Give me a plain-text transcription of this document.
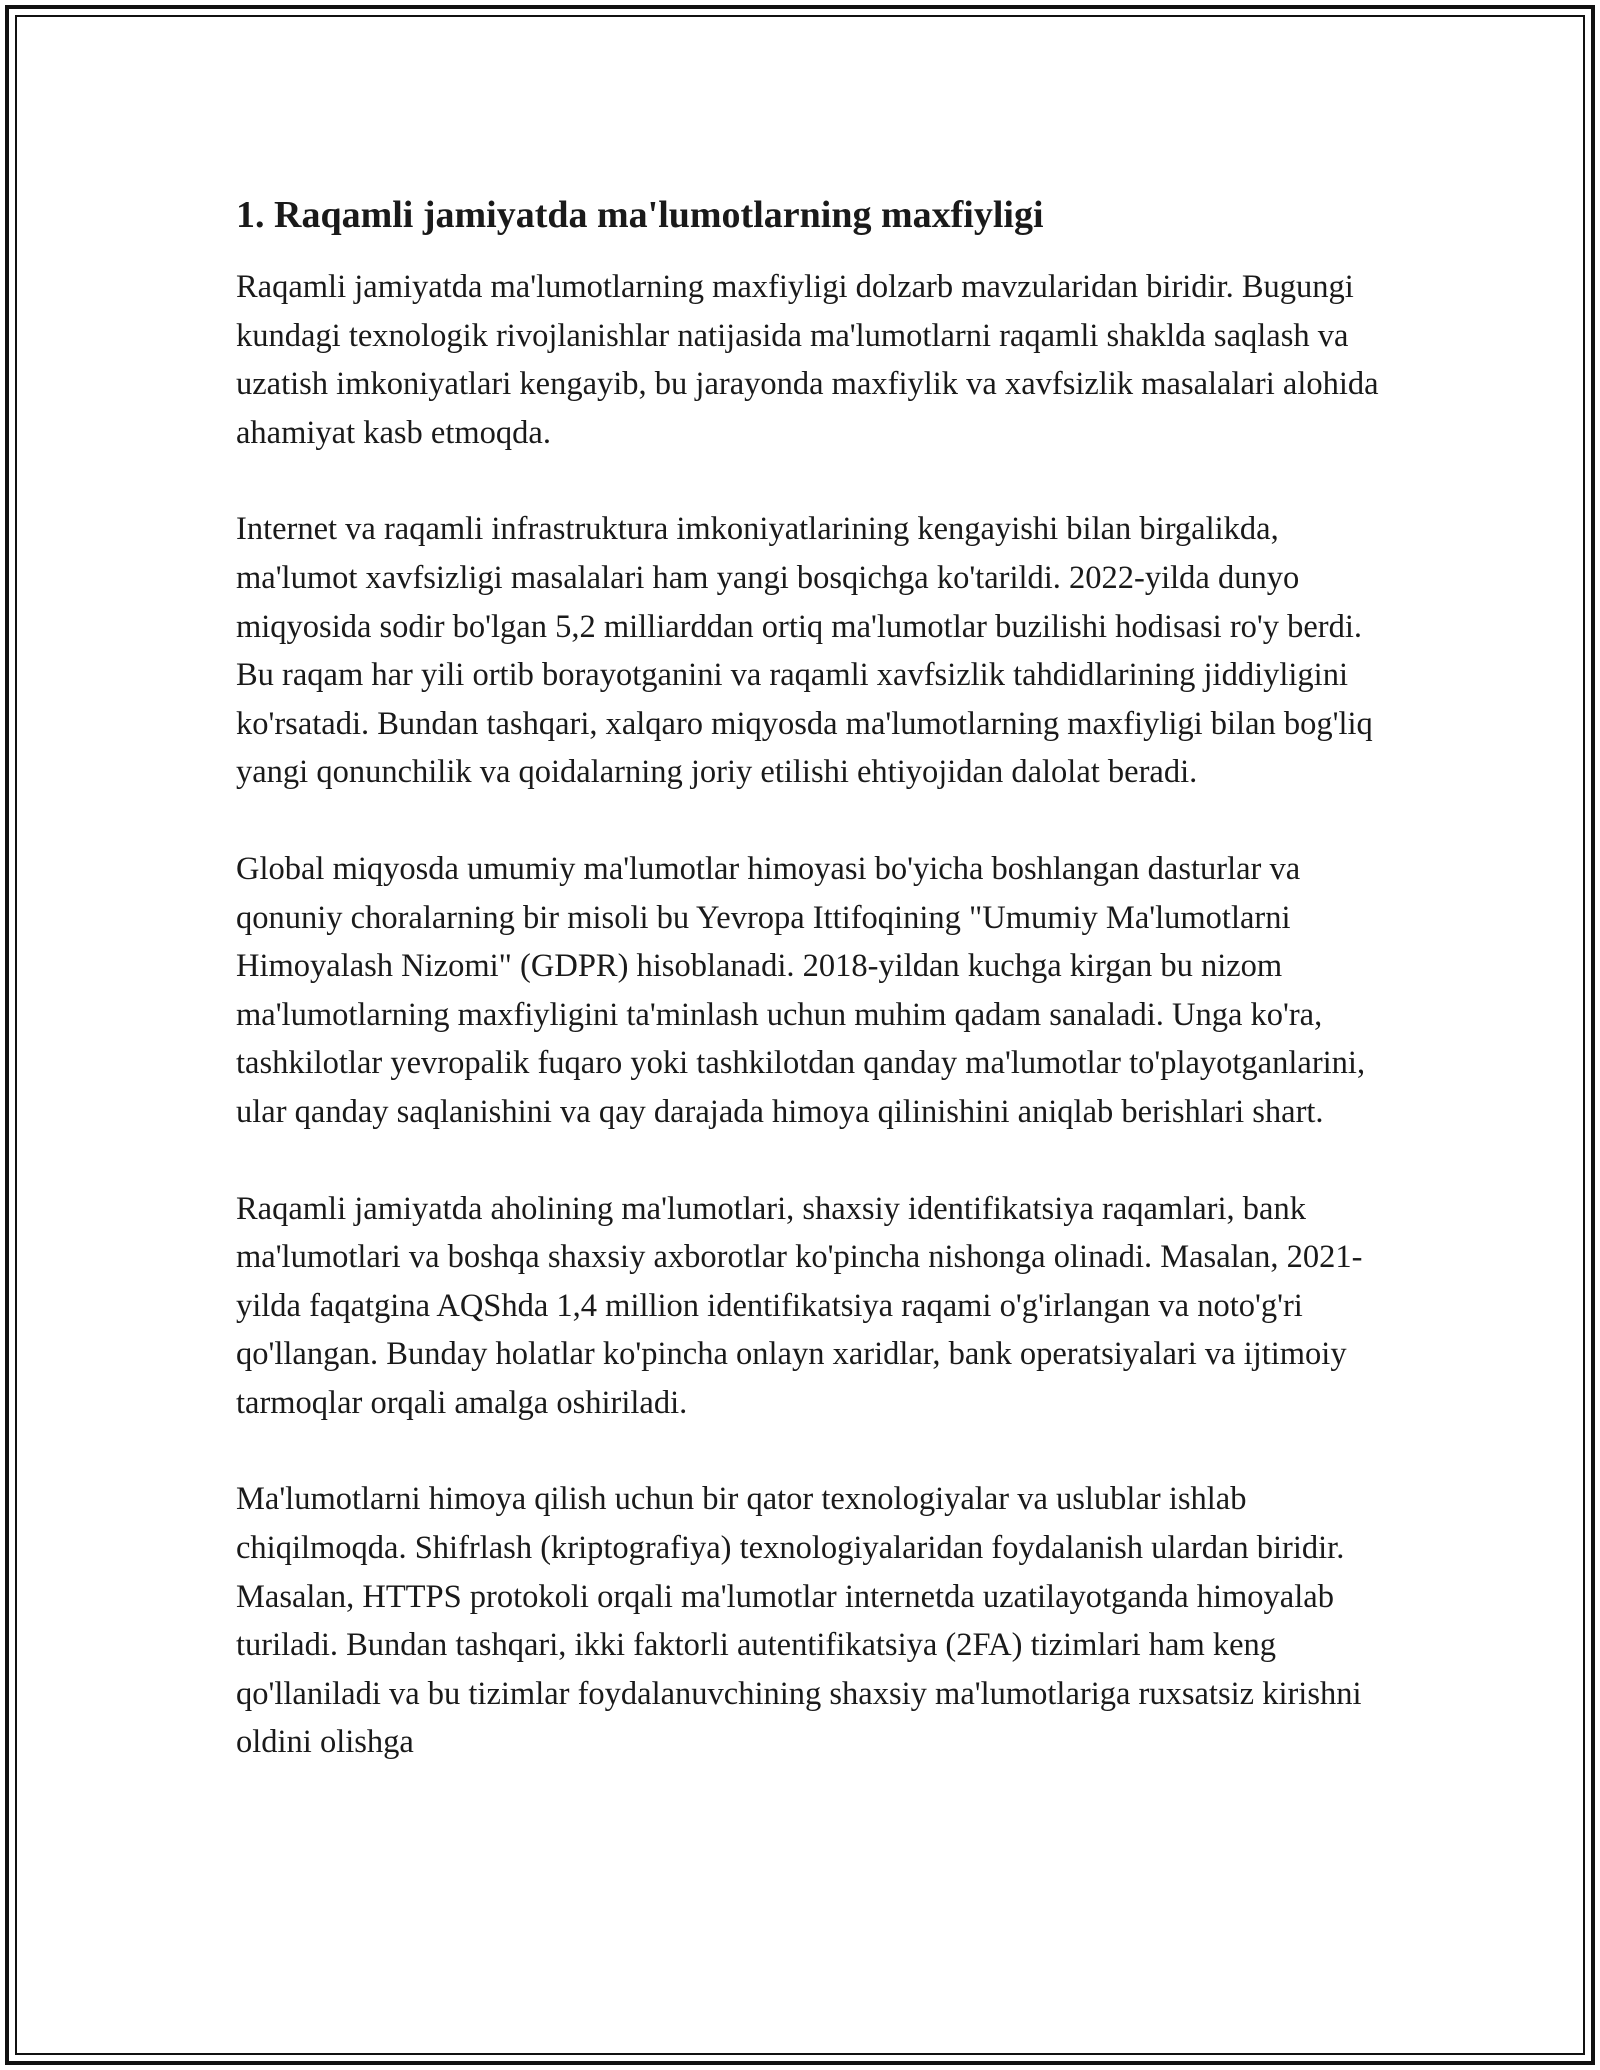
1. Raqamli jamiyatda ma'lumotlarning maxfiyligi

Raqamli jamiyatda ma'lumotlarning maxfiyligi dolzarb mavzularidan biridir. Bugungi kundagi texnologik rivojlanishlar natijasida ma'lumotlarni raqamli shaklda saqlash va uzatish imkoniyatlari kengayib, bu jarayonda maxfiylik va xavfsizlik masalalari alohida ahamiyat kasb etmoqda.

Internet va raqamli infrastruktura imkoniyatlarining kengayishi bilan birgalikda, ma'lumot xavfsizligi masalalari ham yangi bosqichga ko'tarildi. 2022-yilda dunyo miqyosida sodir bo'lgan 5,2 milliarddan ortiq ma'lumotlar buzilishi hodisasi ro'y berdi. Bu raqam har yili ortib borayotganini va raqamli xavfsizlik tahdidlarining jiddiyligini ko'rsatadi. Bundan tashqari, xalqaro miqyosda ma'lumotlarning maxfiyligi bilan bog'liq yangi qonunchilik va qoidalarning joriy etilishi ehtiyojidan dalolat beradi.

Global miqyosda umumiy ma'lumotlar himoyasi bo'yicha boshlangan dasturlar va qonuniy choralarning bir misoli bu Yevropa Ittifoqining "Umumiy Ma'lumotlarni Himoyalash Nizomi" (GDPR) hisoblanadi. 2018-yildan kuchga kirgan bu nizom ma'lumotlarning maxfiyligini ta'minlash uchun muhim qadam sanaladi. Unga ko'ra, tashkilotlar yevropalik fuqaro yoki tashkilotdan qanday ma'lumotlar to'playotganlarini, ular qanday saqlanishini va qay darajada himoya qilinishini aniqlab berishlari shart.

Raqamli jamiyatda aholining ma'lumotlari, shaxsiy identifikatsiya raqamlari, bank ma'lumotlari va boshqa shaxsiy axborotlar ko'pincha nishonga olinadi. Masalan, 2021-yilda faqatgina AQShda 1,4 million identifikatsiya raqami o'g'irlangan va noto'g'ri qo'llangan. Bunday holatlar ko'pincha onlayn xaridlar, bank operatsiyalari va ijtimoiy tarmoqlar orqali amalga oshiriladi.

Ma'lumotlarni himoya qilish uchun bir qator texnologiyalar va uslublar ishlab chiqilmoqda. Shifrlash (kriptografiya) texnologiyalaridan foydalanish ulardan biridir. Masalan, HTTPS protokoli orqali ma'lumotlar internetda uzatilayotganda himoyalab turiladi. Bundan tashqari, ikki faktorli autentifikatsiya (2FA) tizimlari ham keng qo'llaniladi va bu tizimlar foydalanuvchining shaxsiy ma'lumotlariga ruxsatsiz kirishni oldini olishga
